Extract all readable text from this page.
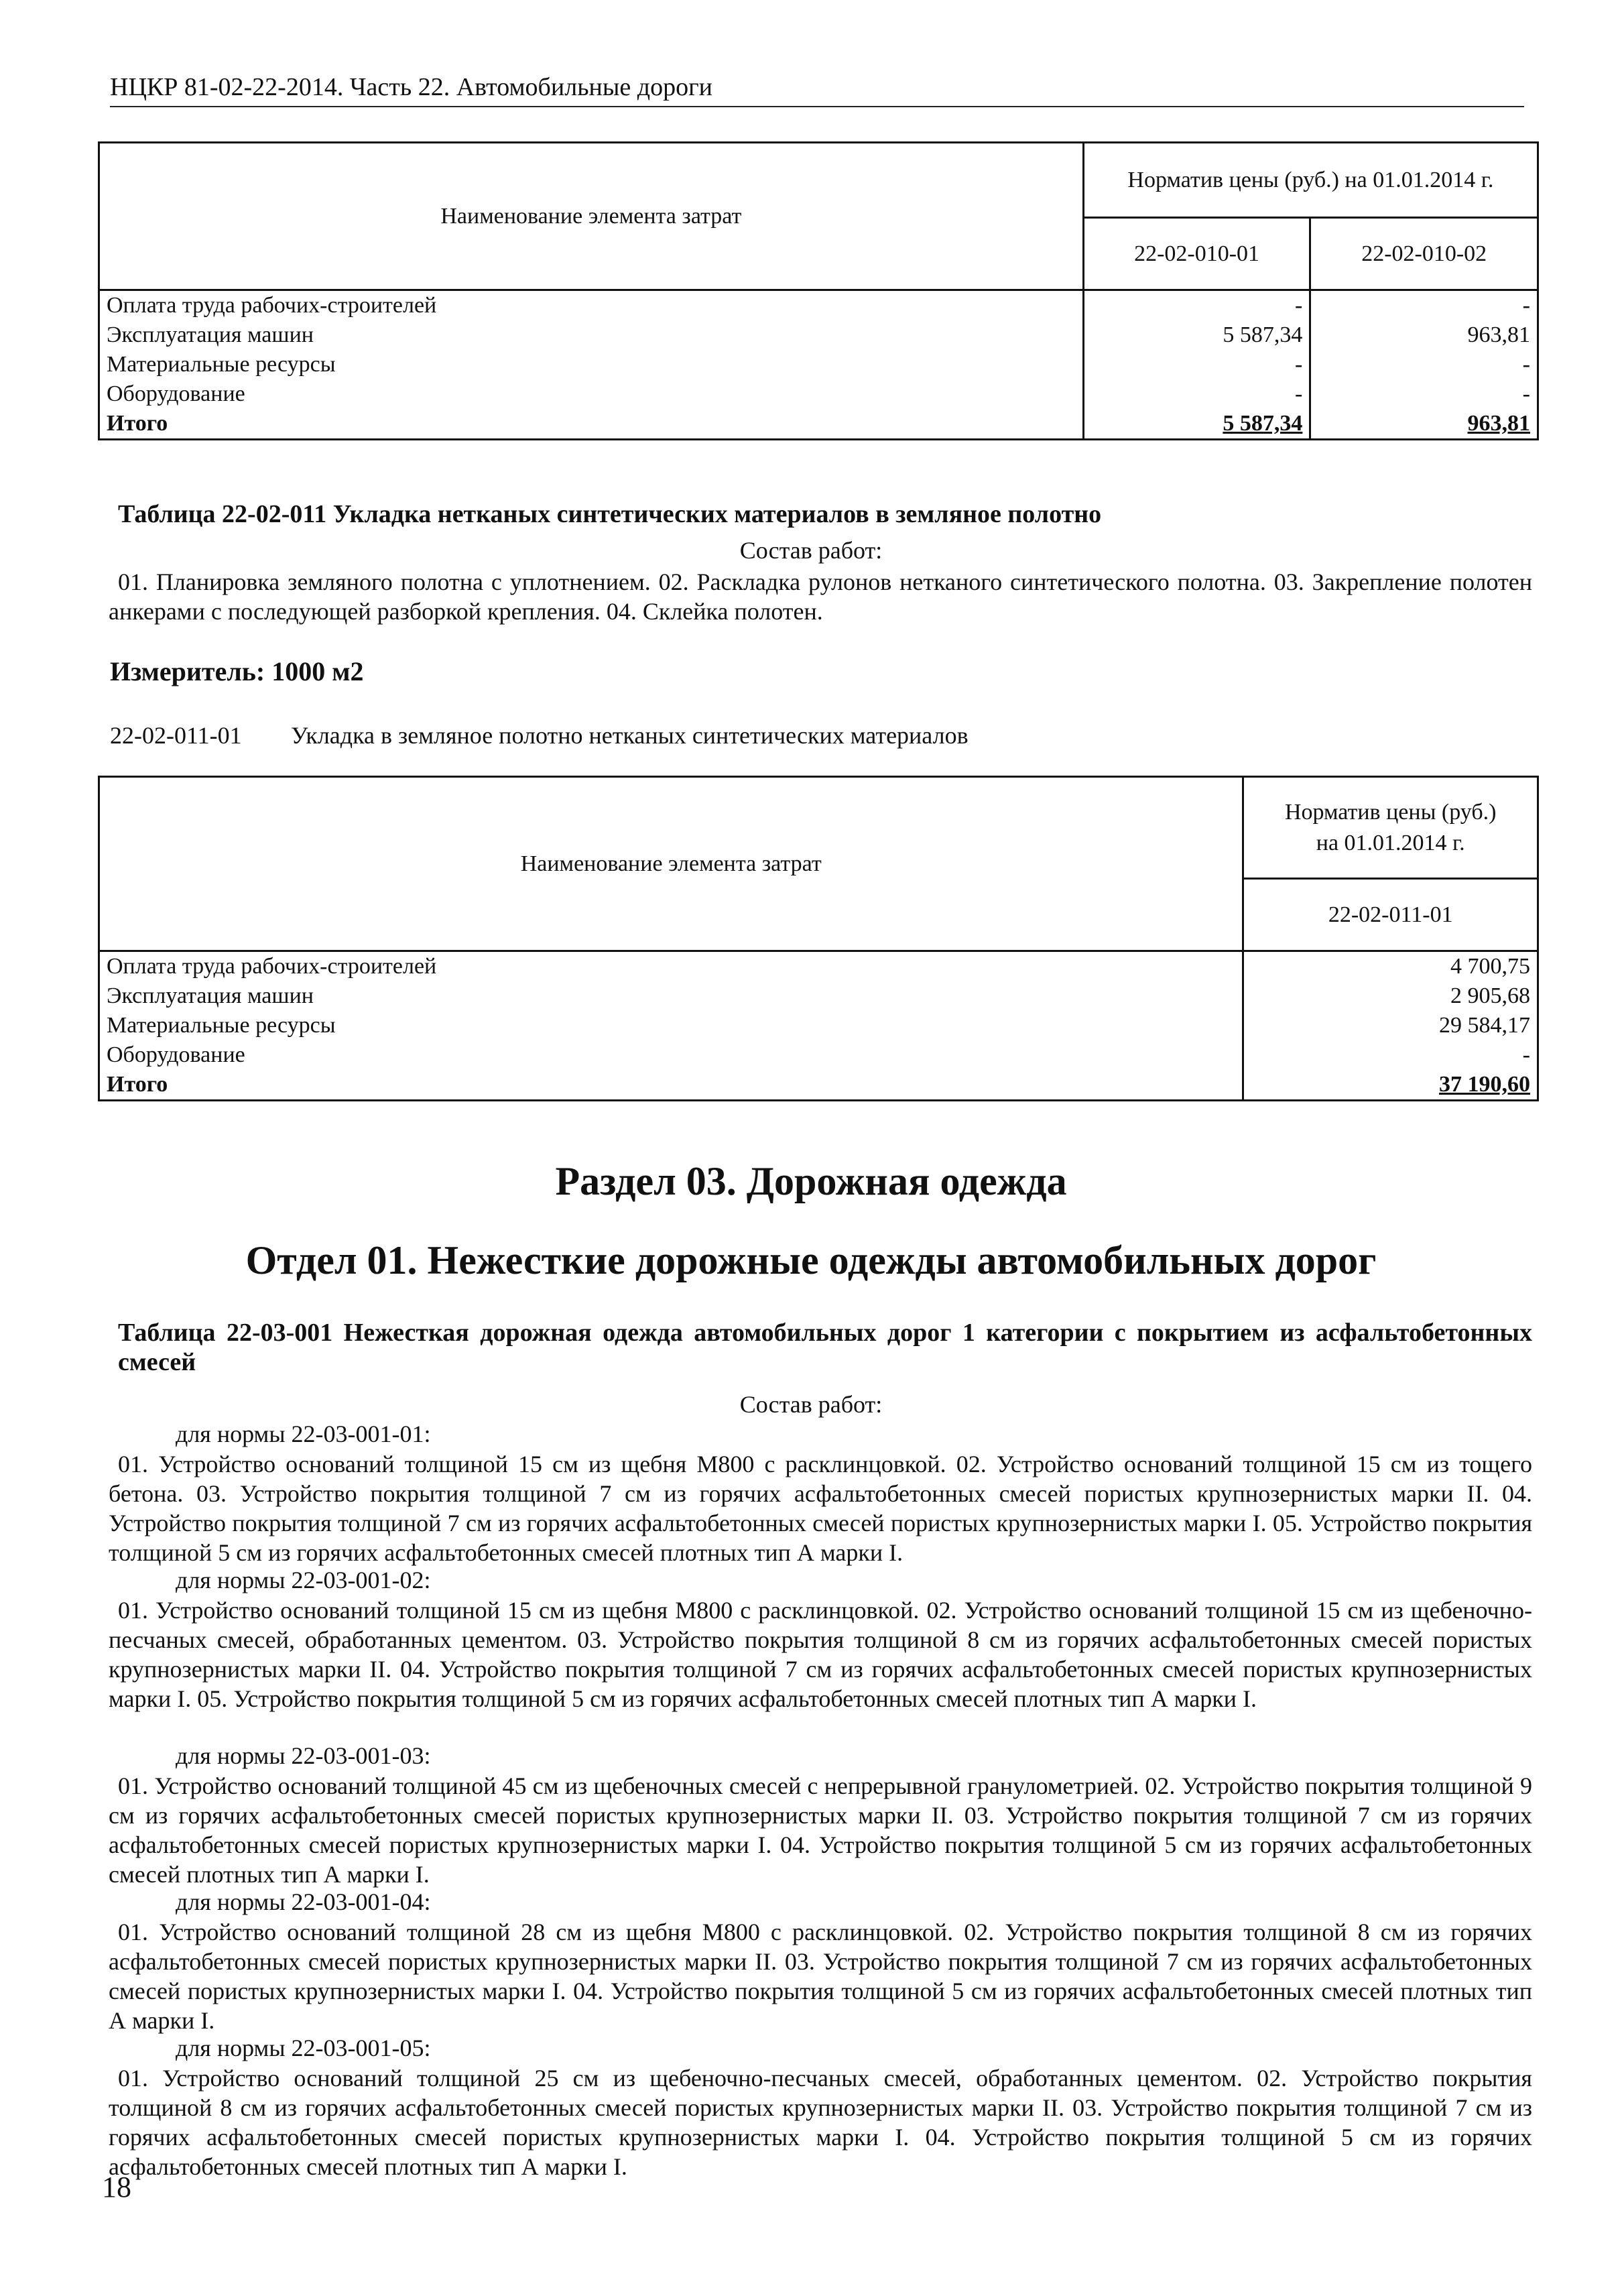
НЦКР 81-02-22-2014. Часть 22. Автомобильные дороги
Наименование элемента затрат	Норматив цены (руб.) на 01.01.2014 г.	
	22-02-010-01	22-02-010-02
Оплата труда рабочих-строителей	-	-
Эксплуатация машин	5 587,34	963,81
Материальные ресурсы	-	-
Оборудование	-	-
Итого	5 587,34	963,81
Таблица 22-02-011 Укладка нетканых синтетических материалов в земляное полотно
Состав работ:
01. Планировка земляного полотна с уплотнением. 02. Раскладка рулонов нетканого синтетического полотна. 03. Закрепление полотен анкерами с последующей разборкой крепления. 04. Склейка полотен.
Измеритель: 1000 м2
22-02-011-01 Укладка в земляное полотно нетканых синтетических материалов
Наименование элемента затрат	Норматив цены (руб.)
на 01.01.2014 г.

	22-02-011-01
Оплата труда рабочих-строителей	4 700,75
Эксплуатация машин	2 905,68
Материальные ресурсы	29 584,17
Оборудование	-
Итого	37 190,60
Раздел 03. Дорожная одежда
Отдел 01. Нежесткие дорожные одежды автомобильных дорог
Таблица 22-03-001 Нежесткая дорожная одежда автомобильных дорог 1 категории с покрытием из асфальтобетонных смесей
Состав работ:
для нормы 22-03-001-01:
01. Устройство оснований толщиной 15 см из щебня М800 с расклинцовкой. 02. Устройство оснований толщиной 15 см из тощего бетона. 03. Устройство покрытия толщиной 7 см из горячих асфальтобетонных смесей пористых крупнозернистых марки II. 04. Устройство покрытия толщиной 7 см из горячих асфальтобетонных смесей пористых крупнозернистых марки I. 05. Устройство покрытия толщиной 5 см из горячих асфальтобетонных смесей плотных тип А марки I.
для нормы 22-03-001-02:
01. Устройство оснований толщиной 15 см из щебня М800 с расклинцовкой. 02. Устройство оснований толщиной 15 см из щебеночно-песчаных смесей, обработанных цементом. 03. Устройство покрытия толщиной 8 см из горячих асфальтобетонных смесей пористых крупнозернистых марки II. 04. Устройство покрытия толщиной 7 см из горячих асфальтобетонных смесей пористых крупнозернистых марки I. 05. Устройство покрытия толщиной 5 см из горячих асфальтобетонных смесей плотных тип А марки I.
для нормы 22-03-001-03:
01. Устройство оснований толщиной 45 см из щебеночных смесей с непрерывной гранулометрией. 02. Устройство покрытия толщиной 9 см из горячих асфальтобетонных смесей пористых крупнозернистых марки II. 03. Устройство покрытия толщиной 7 см из горячих асфальтобетонных смесей пористых крупнозернистых марки I. 04. Устройство покрытия толщиной 5 см из горячих асфальтобетонных смесей плотных тип А марки I.
для нормы 22-03-001-04:
01. Устройство оснований толщиной 28 см из щебня М800 с расклинцовкой. 02. Устройство покрытия толщиной 8 см из горячих асфальтобетонных смесей пористых крупнозернистых марки II. 03. Устройство покрытия толщиной 7 см из горячих асфальтобетонных смесей пористых крупнозернистых марки I. 04. Устройство покрытия толщиной 5 см из горячих асфальтобетонных смесей плотных тип А марки I.
для нормы 22-03-001-05:
01. Устройство оснований толщиной 25 см из щебеночно-песчаных смесей, обработанных цементом. 02. Устройство покрытия толщиной 8 см из горячих асфальтобетонных смесей пористых крупнозернистых марки II. 03. Устройство покрытия толщиной 7 см из горячих асфальтобетонных смесей пористых крупнозернистых марки I. 04. Устройство покрытия толщиной 5 см из горячих асфальтобетонных смесей плотных тип А марки I.
18
